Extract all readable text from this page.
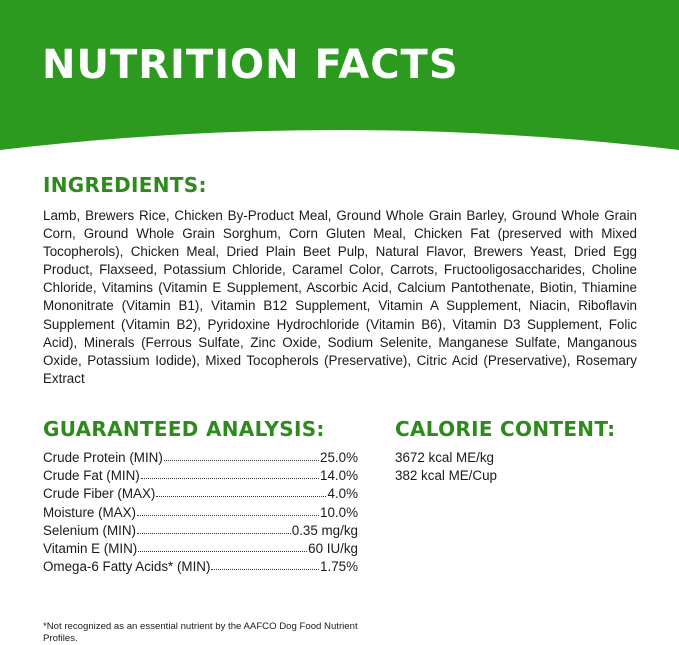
NUTRITION FACTS
INGREDIENTS:

Lamb, Brewers Rice, Chicken By-Product Meal, Ground Whole Grain Barley, Ground Whole Grain Corn, Ground Whole Grain Sorghum, Corn Gluten Meal, Chicken Fat (preserved with Mixed Tocopherols), Chicken Meal, Dried Plain Beet Pulp, Natural Flavor, Brewers Yeast, Dried Egg Product, Flaxseed, Potassium Chloride, Caramel Color, Carrots, Fructooligosaccharides, Choline Chloride, Vitamins (Vitamin E Supplement, Ascorbic Acid, Calcium Pantothenate, Biotin, Thiamine Mononitrate (Vitamin B1), Vitamin B12 Supplement, Vitamin A Supplement, Niacin, Riboflavin Supplement (Vitamin B2), Pyridoxine Hydrochloride (Vitamin B6), Vitamin D3 Supplement, Folic Acid), Minerals (Ferrous Sulfate, Zinc Oxide, Sodium Selenite, Manganese Sulfate, Manganous Oxide, Potassium Iodide), Mixed Tocopherols (Preservative), Citric Acid (Preservative), Rosemary Extract

GUARANTEED ANALYSIS:
Crude Protein (MIN)	25.0%
Crude Fat (MIN)	14.0%
Crude Fiber (MAX)	4.0%
Moisture (MAX)	10.0%
Selenium (MIN)	0.35 mg/kg
Vitamin E (MIN)	60 IU/kg
Omega-6 Fatty Acids* (MIN)	1.75%
CALORIE CONTENT:
3672 kcal ME/kg
382 kcal ME/Cup

*Not recognized as an essential nutrient by the AAFCO Dog Food Nutrient Profiles.
